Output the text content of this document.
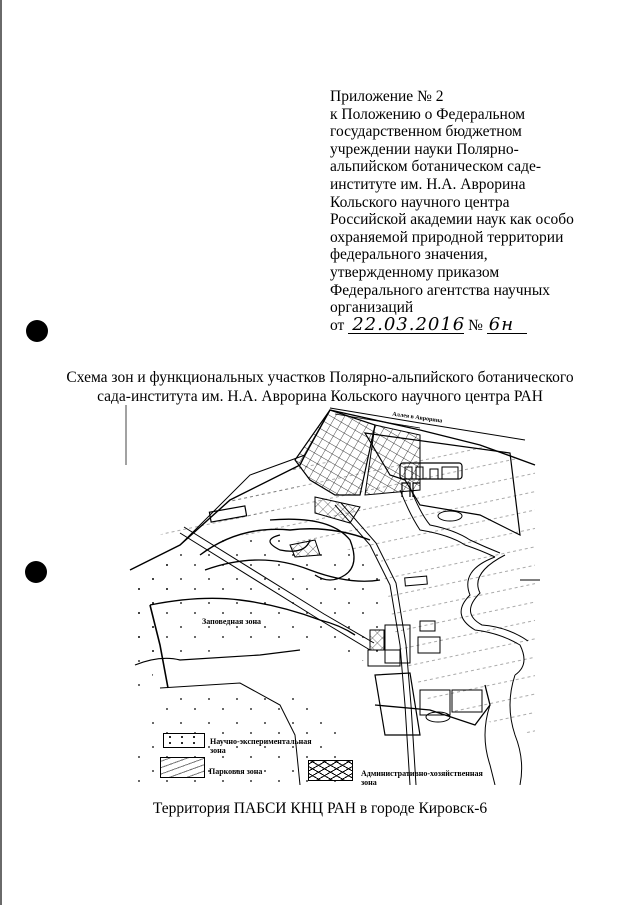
Приложение № 2
к Положению о Федеральном
государственном бюджетном
учреждении науки Полярно-
альпийском ботаническом саде-
институте им. Н.А. Аврорина
Кольского научного центра
Российской академии наук как особо
охраняемой природной территории
федерального значения,
утвержденному приказом
Федерального агентства научных
организаций
от 22.03.2016 № 6н
Схема зон и функциональных участков Полярно-альпийского ботанического
сада-института им. Н.А. Аврорина Кольского научного центра РАН
Заповедная зона
Аллея в Аврорина
Научно-экспериментальная
зона
Парковая зона	Административно-хозяйственная
зона
Территория ПАБСИ КНЦ РАН в городе Кировск-6
